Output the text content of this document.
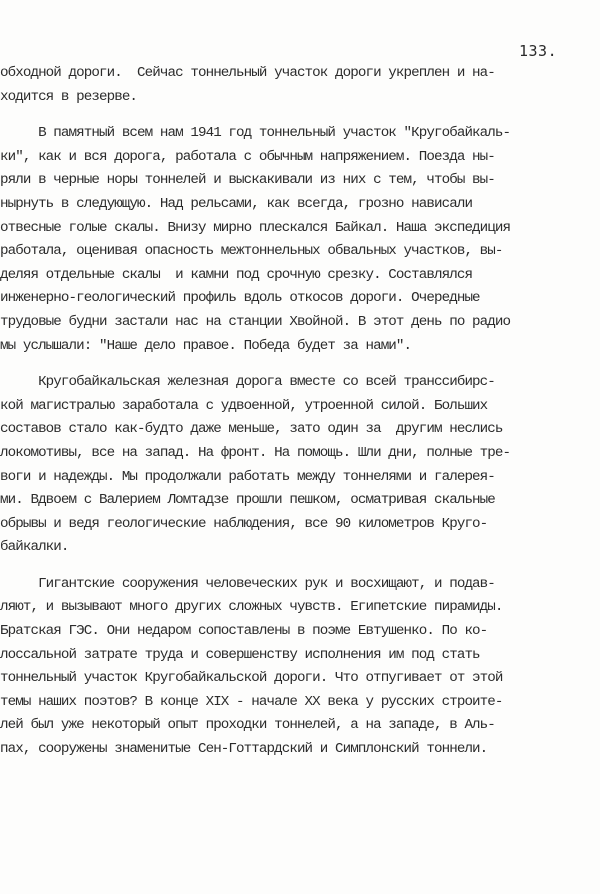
133.
обходной дороги.  Сейчас тоннельный участок дороги укреплен и на-
ходится в резерве.
В памятный всем нам 1941 год тоннельный участок "Кругобайкаль-
ки", как и вся дорога, работала с обычным напряжением. Поезда ны-
ряли в черные норы тоннелей и выскакивали из них с тем, чтобы вы-
нырнуть в следующую. Над рельсами, как всегда, грозно нависали
отвесные голые скалы. Внизу мирно плескался Байкал. Наша экспедиция
работала, оценивая опасность межтоннельных обвальных участков, вы-
деляя отдельные скалы  и камни под срочную срезку. Составлялся
инженерно-геологический профиль вдоль откосов дороги. Очередные
трудовые будни застали нас на станции Хвойной. В этот день по радио
мы услышали: "Наше дело правое. Победа будет за нами".
Кругобайкальская железная дорога вместе со всей транссибирс-
кой магистралью заработала с удвоенной, утроенной силой. Больших
составов стало как-будто даже меньше, зато один за  другим неслись
локомотивы, все на запад. На фронт. На помощь. Шли дни, полные тре-
воги и надежды. Мы продолжали работать между тоннелями и галерея-
ми. Вдвоем с Валерием Ломтадзе прошли пешком, осматривая скальные
обрывы и ведя геологические наблюдения, все 90 километров Круго-
байкалки.
Гигантские сооружения человеческих рук и восхищают, и подав-
ляют, и вызывают много других сложных чувств. Египетские пирамиды.
Братская ГЭС. Они недаром сопоставлены в поэме Евтушенко. По ко-
лоссальной затрате труда и совершенству исполнения им под стать
тоннельный участок Кругобайкальской дороги. Что отпугивает от этой
темы наших поэтов? В конце XIX - начале XX века у русских строите-
лей был уже некоторый опыт проходки тоннелей, а на западе, в Аль-
пах, сооружены знаменитые Сен-Готтардский и Симплонский тоннели.
